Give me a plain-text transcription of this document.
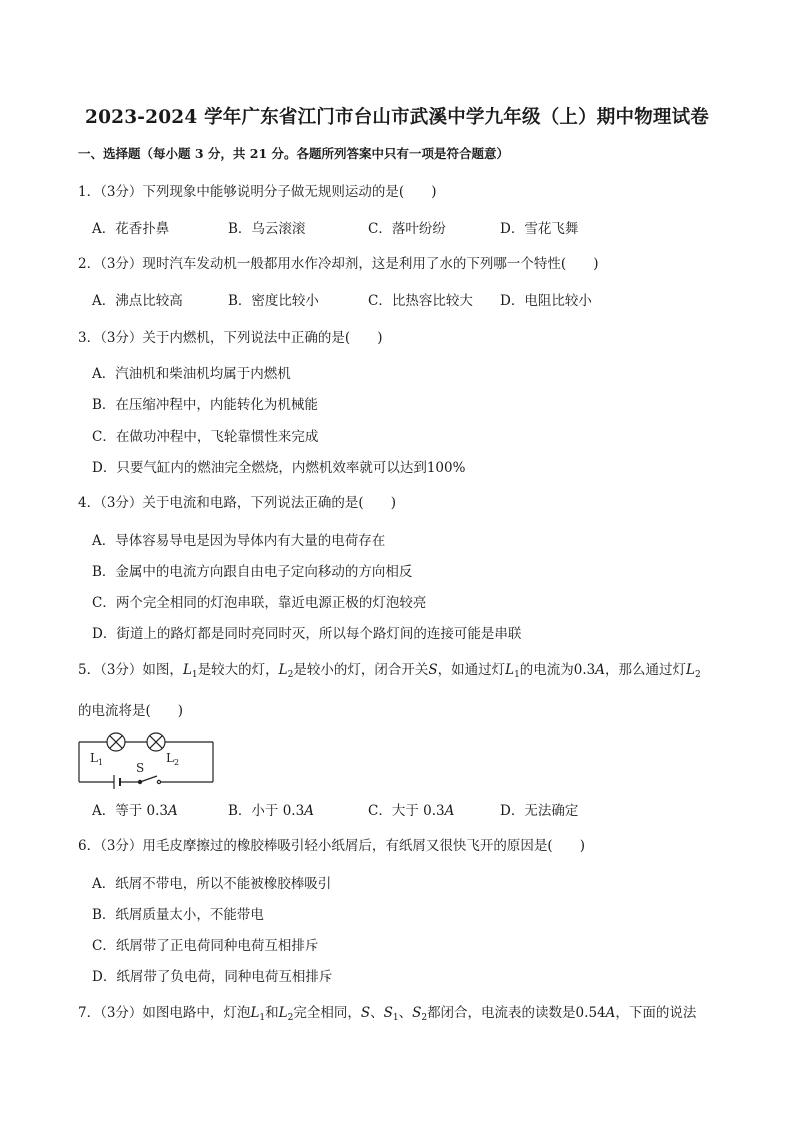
2023-2024 学年广东省江门市台山市武溪中学九年级（上）期中物理试卷
一、选择题（每小题 3 分，共 21 分。各题所列答案中只有一项是符合题意）
1．（3分）下列现象中能够说明分子做无规则运动的是(　　)
A．花香扑鼻	B．乌云滚滚	C．落叶纷纷	D．雪花飞舞
2．（3分）现时汽车发动机一般都用水作冷却剂，这是利用了水的下列哪一个特性(　　)
A．沸点比较高	B．密度比较小	C．比热容比较大 D．电阻比较小
3．（3分）关于内燃机，下列说法中正确的是(　　)
A．汽油机和柴油机均属于内燃机
B．在压缩冲程中，内能转化为机械能
C．在做功冲程中，飞轮靠惯性来完成
D．只要气缸内的燃油完全燃烧，内燃机效率就可以达到100%
4．（3分）关于电流和电路，下列说法正确的是(　　)
A．导体容易导电是因为导体内有大量的电荷存在
B．金属中的电流方向跟自由电子定向移动的方向相反
C．两个完全相同的灯泡串联，靠近电源正极的灯泡较亮
D．街道上的路灯都是同时亮同时灭，所以每个路灯间的连接可能是串联
5．（3分）如图，$L_1$是较大的灯，$L_2$是较小的灯，闭合开关S，如通过灯$L_1$的电流为0.3A，那么通过灯$L_2$
的电流将是(　　)
$L_1$	$L_2$
S
A．等于 0.3A	B．小于 0.3A	C．大于 0.3A	D．无法确定
6．（3分）用毛皮摩擦过的橡胶棒吸引轻小纸屑后，有纸屑又很快飞开的原因是(　　)
A．纸屑不带电，所以不能被橡胶棒吸引
B．纸屑质量太小，不能带电
C．纸屑带了正电荷同种电荷互相排斥
D．纸屑带了负电荷，同种电荷互相排斥
7．（3分）如图电路中，灯泡$L_1$和$L_2$完全相同，S、$S_1$、$S_2$都闭合，电流表的读数是0.54A，下面的说法
